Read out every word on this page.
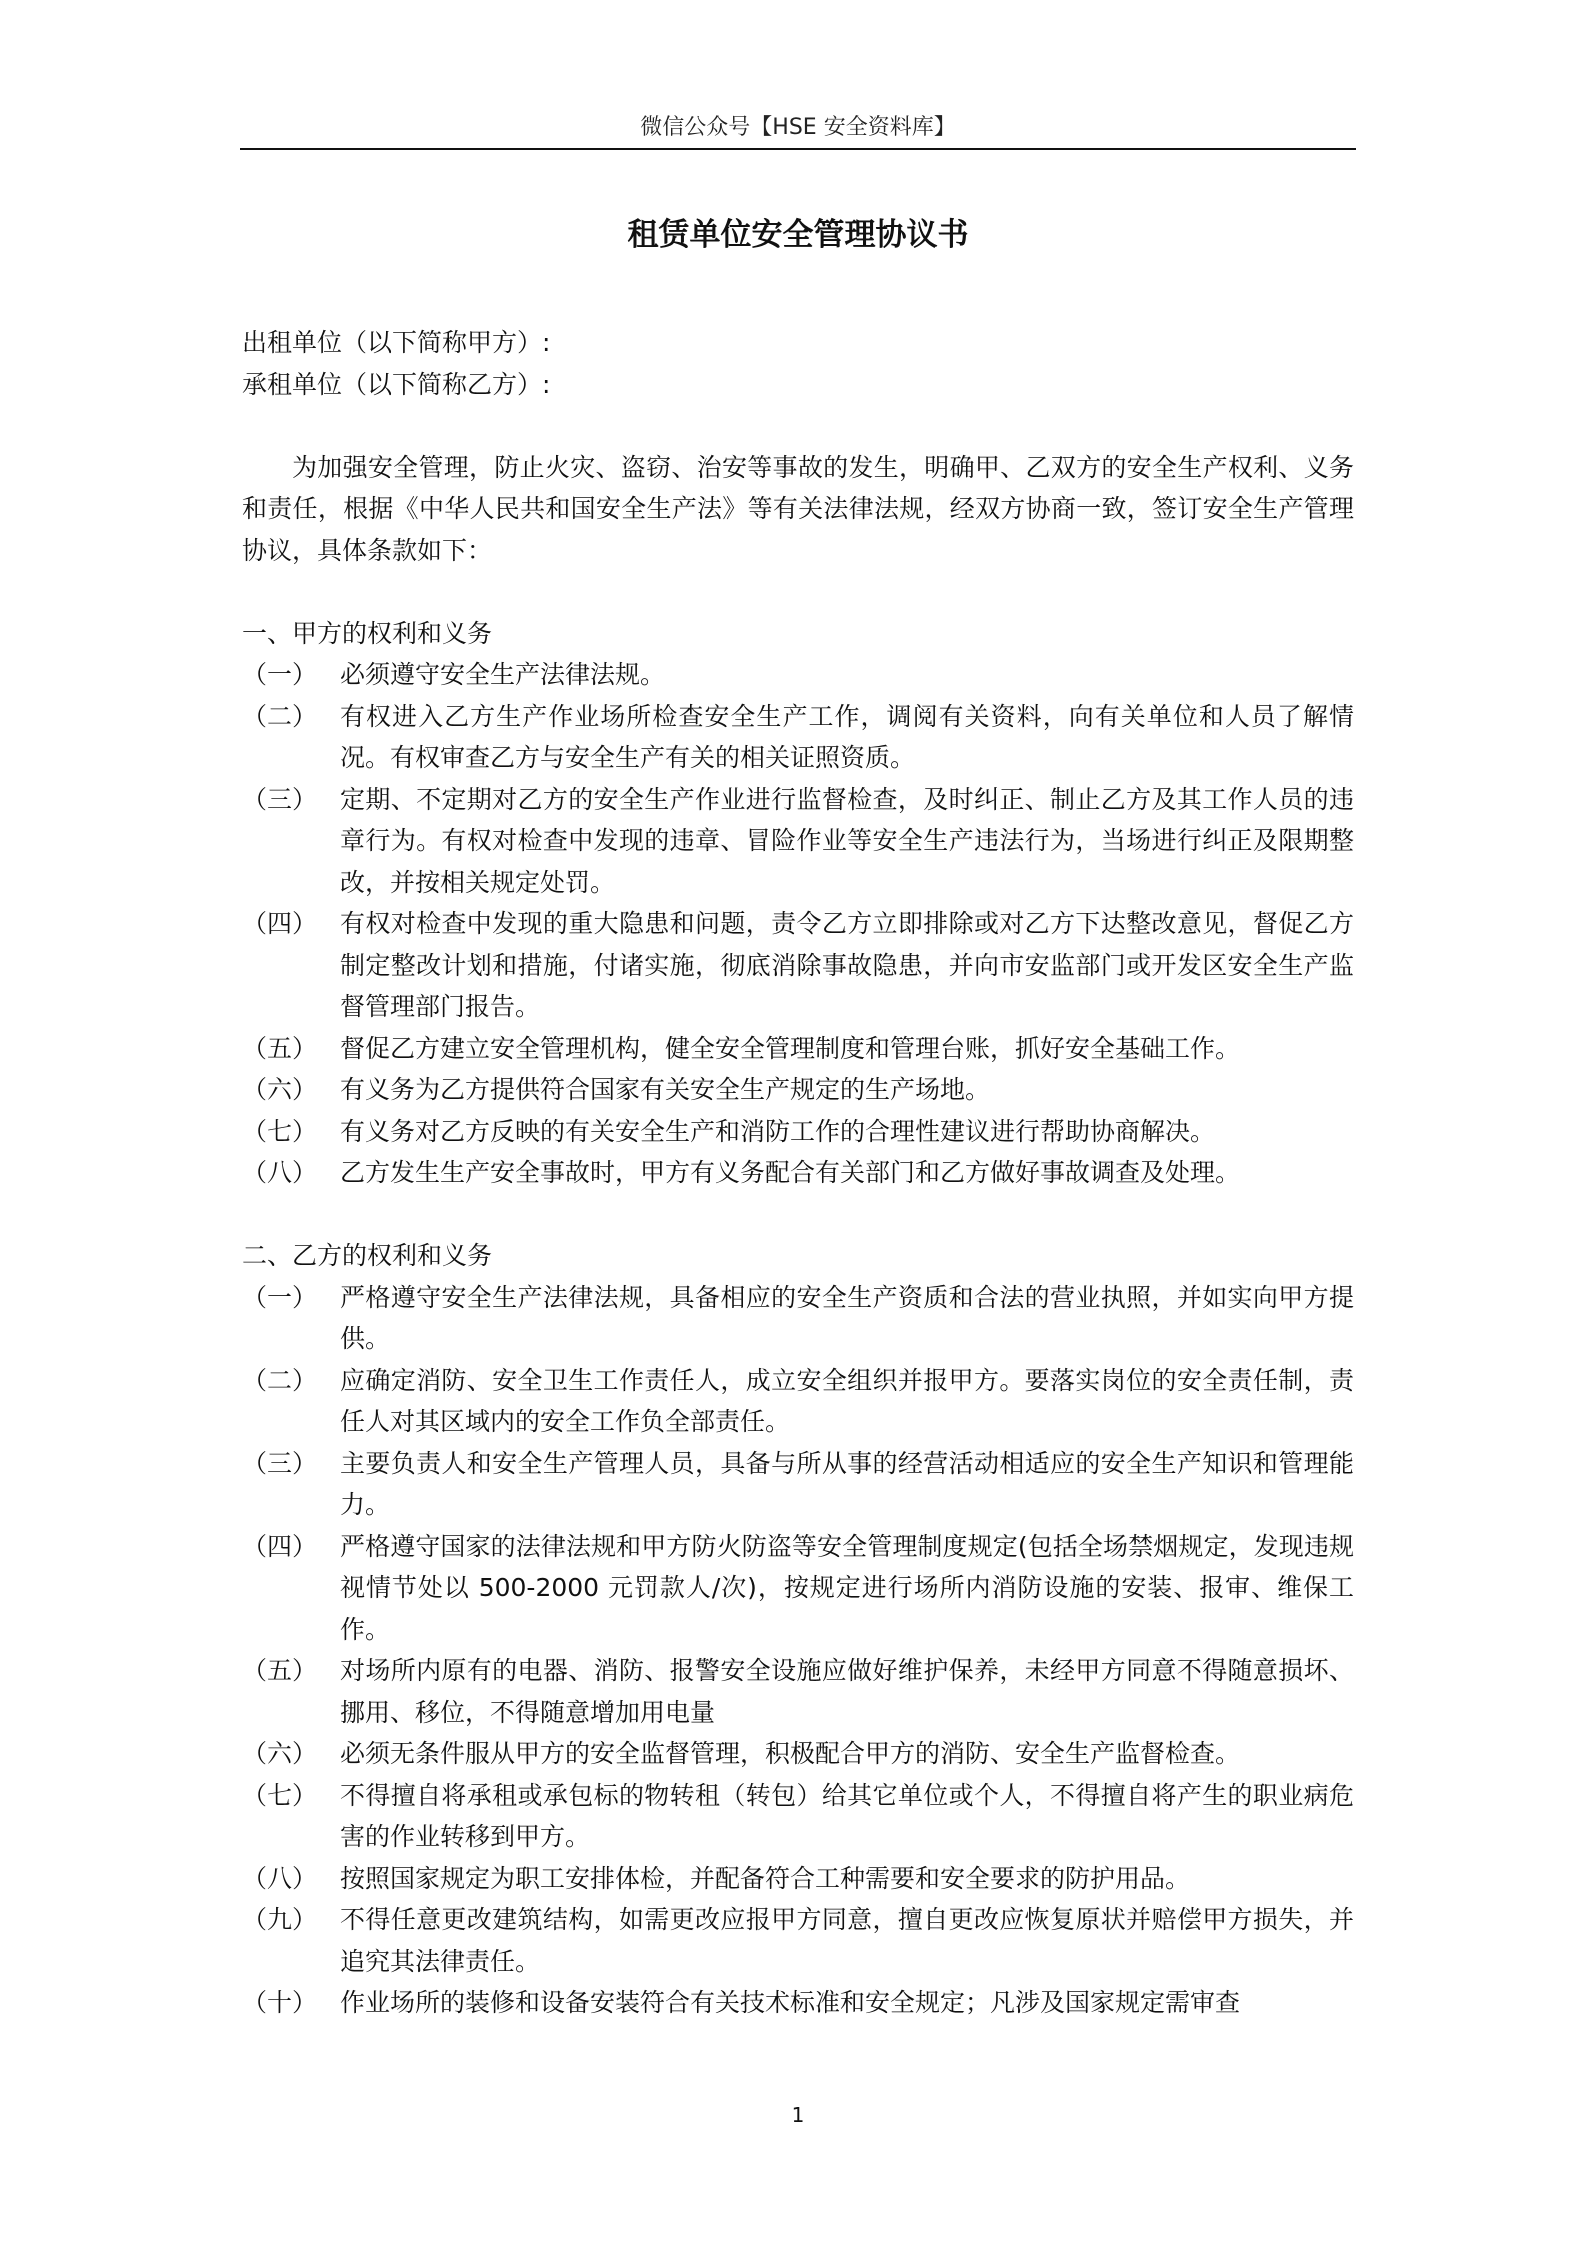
微信公众号【HSE 安全资料库】
租赁单位安全管理协议书
出租单位（以下简称甲方）:
承租单位（以下简称乙方）:

为加强安全管理，防止火灾、盗窃、治安等事故的发生，明确甲、乙双方的安全生产权利、义务和责任，根据《中华人民共和国安全生产法》等有关法律法规，经双方协商一致，签订安全生产管理协议，具体条款如下：

一、甲方的权利和义务
（一） 必须遵守安全生产法律法规。
（二） 有权进入乙方生产作业场所检查安全生产工作，调阅有关资料，向有关单位和人员了解情况。有权审查乙方与安全生产有关的相关证照资质。
（三） 定期、不定期对乙方的安全生产作业进行监督检查，及时纠正、制止乙方及其工作人员的违章行为。有权对检查中发现的违章、冒险作业等安全生产违法行为，当场进行纠正及限期整改，并按相关规定处罚。
（四） 有权对检查中发现的重大隐患和问题，责令乙方立即排除或对乙方下达整改意见，督促乙方制定整改计划和措施，付诸实施，彻底消除事故隐患，并向市安监部门或开发区安全生产监督管理部门报告。
（五） 督促乙方建立安全管理机构，健全安全管理制度和管理台账，抓好安全基础工作。
（六） 有义务为乙方提供符合国家有关安全生产规定的生产场地。
（七） 有义务对乙方反映的有关安全生产和消防工作的合理性建议进行帮助协商解决。
（八） 乙方发生生产安全事故时，甲方有义务配合有关部门和乙方做好事故调查及处理。
二、乙方的权利和义务
（一） 严格遵守安全生产法律法规，具备相应的安全生产资质和合法的营业执照，并如实向甲方提供。
（二） 应确定消防、安全卫生工作责任人，成立安全组织并报甲方。要落实岗位的安全责任制，责任人对其区域内的安全工作负全部责任。
（三） 主要负责人和安全生产管理人员，具备与所从事的经营活动相适应的安全生产知识和管理能力。
（四） 严格遵守国家的法律法规和甲方防火防盗等安全管理制度规定(包括全场禁烟规定，发现违规视情节处以 500-2000 元罚款人/次)，按规定进行场所内消防设施的安装、报审、维保工作。
（五） 对场所内原有的电器、消防、报警安全设施应做好维护保养，未经甲方同意不得随意损坏、挪用、移位，不得随意增加用电量
（六） 必须无条件服从甲方的安全监督管理，积极配合甲方的消防、安全生产监督检查。
（七） 不得擅自将承租或承包标的物转租（转包）给其它单位或个人，不得擅自将产生的职业病危害的作业转移到甲方。
（八） 按照国家规定为职工安排体检，并配备符合工种需要和安全要求的防护用品。
（九） 不得任意更改建筑结构，如需更改应报甲方同意，擅自更改应恢复原状并赔偿甲方损失，并追究其法律责任。
（十） 作业场所的装修和设备安装符合有关技术标准和安全规定；凡涉及国家规定需审查
1
